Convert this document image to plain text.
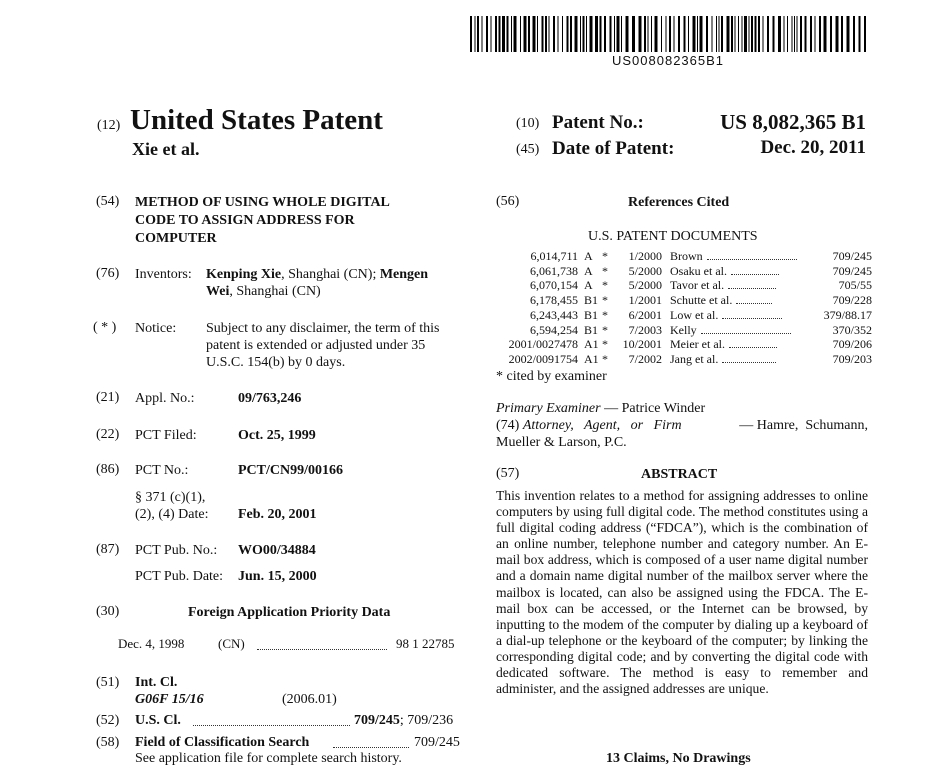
US008082365B1
(12) United States Patent
Xie et al.
(10) Patent No.:	US 8,082,365 B1
(45) Date of Patent:	Dec. 20, 2011
(54) METHOD OF USING WHOLE DIGITAL
CODE TO ASSIGN ADDRESS FOR
COMPUTER
(76) Inventors: Kenping Xie, Shanghai (CN); Mengen
Wei, Shanghai (CN)
( * ) Notice: Subject to any disclaimer, the term of this
patent is extended or adjusted under 35
U.S.C. 154(b) by 0 days.
(21) Appl. No.:	09/763,246
(22) PCT Filed:	Oct. 25, 1999
(86) PCT No.:	PCT/CN99/00166
§ 371 (c)(1),
(2), (4) Date: Feb. 20, 2001
(87) PCT Pub. No.: WO00/34884
PCT Pub. Date: Jun. 15, 2000
(30)	Foreign Application Priority Data
Dec. 4, 1998	(CN)	98 1 22785
(51) Int. Cl.
G06F 15/16	(2006.01)
(52) U.S. Cl.	709/245; 709/236
(58) Field of Classification Search	709/245
See application file for complete search history.
(56)	References Cited
U.S. PATENT DOCUMENTS
6,014,711	A	*	1/2000	Brown	709/245
6,061,738	A	*	5/2000	Osaku et al.	709/245
6,070,154	A	*	5/2000	Tavor et al.	705/55
6,178,455	B1	*	1/2001	Schutte et al.	709/228
6,243,443	B1	*	6/2001	Low et al.	379/88.17
6,594,254	B1	*	7/2003	Kelly	370/352
2001/0027478	A1	*	10/2001	Meier et al.	709/206
2002/0091754	A1	*	7/2002	Jang et al.	709/203
* cited by examiner
Primary Examiner — Patrice Winder
(74) Attorney,   Agent,   or   Firm	— Hamre,  Schumann,
Mueller & Larson, P.C.
(57)	ABSTRACT
This invention relates to a method for assigning addresses to online computers by using full digital code. The method constitutes using a full digital coding address (“FDCA”), which is the combination of an online number, telephone number and category number. An E-mail box address, which is composed of a user name digital number and a domain name digital number of the mailbox server where the mailbox is located, can also be assigned using the FDCA. The E-mail box can be accessed, or the Internet can be browsed, by inputting to the modem of the computer by dialing up a keyboard of a dial-up telephone or the keyboard of the computer; by linking the corresponding digital code; and by converting the digital code with dedicated software. The method is easy to remember and administer, and the assigned addresses are unique.
13 Claims, No Drawings
